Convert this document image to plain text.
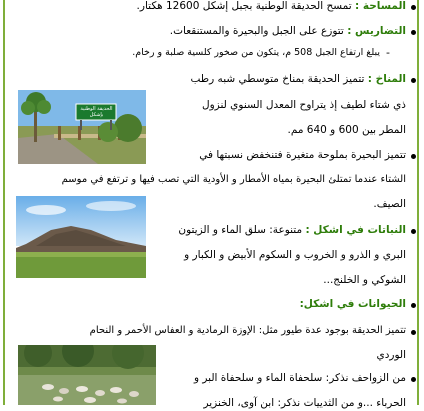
الحديقة الوطنية بإشكل
-
المساحة : تمسح الحديقة الوطنية بجبل إشكل 12600 هكتار.
التضاريس : تتوزع على الجبل والبحيرة والمستنقعات.
يبلغ ارتفاع الجبل 508 م، يتكون من صخور كلسية صلبة و رخام.
المناخ : تتميز الحديقة بمناخ متوسطي شبه رطب
ذي شتاء لطيف إذ يتراوح المعدل السنوي لنزول
المطر بين 600 و 640 مم.
تتميز البحيرة بملوحة متغيرة فتنخفض نسبتها في
الشتاء عندما تمتلئ البحيرة بمياه الأمطار و الأودية التي تصب فيها و ترتفع في موسم
الصيف.
النباتات في اشكل : متنوعة: سلق الماء و الزيتون
البري و الذرو و الخروب و السكوم الأبيض و الكبار و
الشوكي و الخلنج...
الحيوانات في اشكل:
تتميز الحديقة بوجود عدة طيور مثل: الإوزة الرمادية و العفاس الأحمر و النحام
الوردي
من الزواحف نذكر: سلحفاة الماء و سلحفاة البر و
الحرباء ...و من الثدييات نذكر: ابن آوى، الخنزير
